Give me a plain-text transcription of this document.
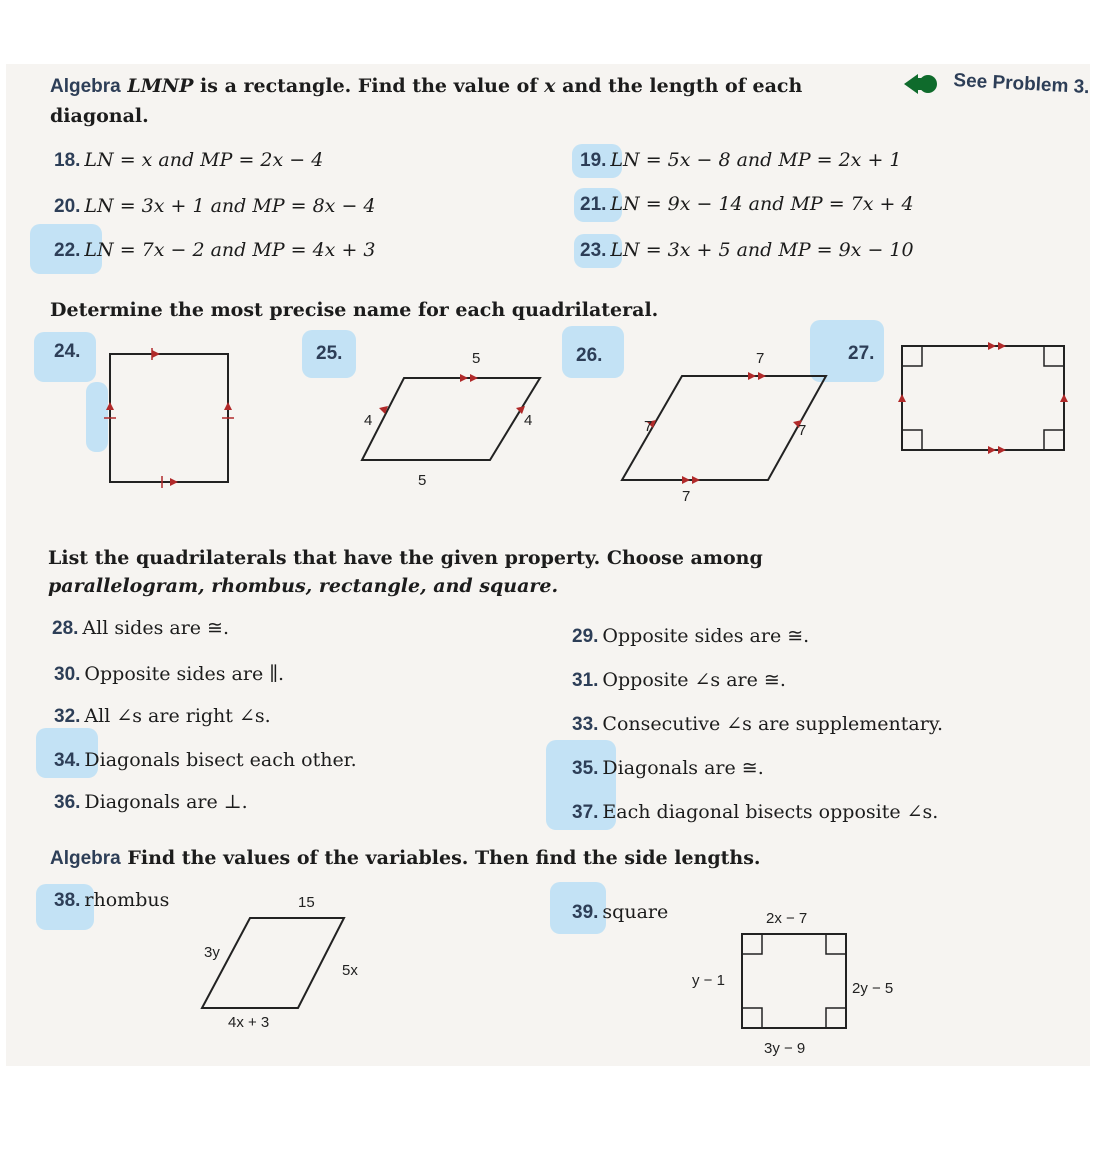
Algebra LMNP is a rectangle. Find the value of x and the length of each
diagonal.
See Problem 3.
18. LN = x and MP = 2x − 4	19. LN = 5x − 8 and MP = 2x + 1
20. LN = 3x + 1 and MP = 8x − 4	21. LN = 9x − 14 and MP = 7x + 4
22. LN = 7x − 2 and MP = 4x + 3	23. LN = 3x + 5 and MP = 9x − 10
Determine the most precise name for each quadrilateral.
24.	25.	26.	27.
5
4	4
5
7
7	7
7
List the quadrilaterals that have the given property. Choose among
parallelogram, rhombus, rectangle, and square.
28. All sides are ≅.	29. Opposite sides are ≅.
30. Opposite sides are ∥.	31. Opposite ∠s are ≅.
32. All ∠s are right ∠s.	33. Consecutive ∠s are supplementary.
34. Diagonals bisect each other.	35. Diagonals are ≅.
36. Diagonals are ⊥.	37. Each diagonal bisects opposite ∠s.
Algebra Find the values of the variables. Then find the side lengths.
38. rhombus
39. square
15
3y
5x
4x + 3
2x − 7
y − 1	2y − 5
3y − 9
